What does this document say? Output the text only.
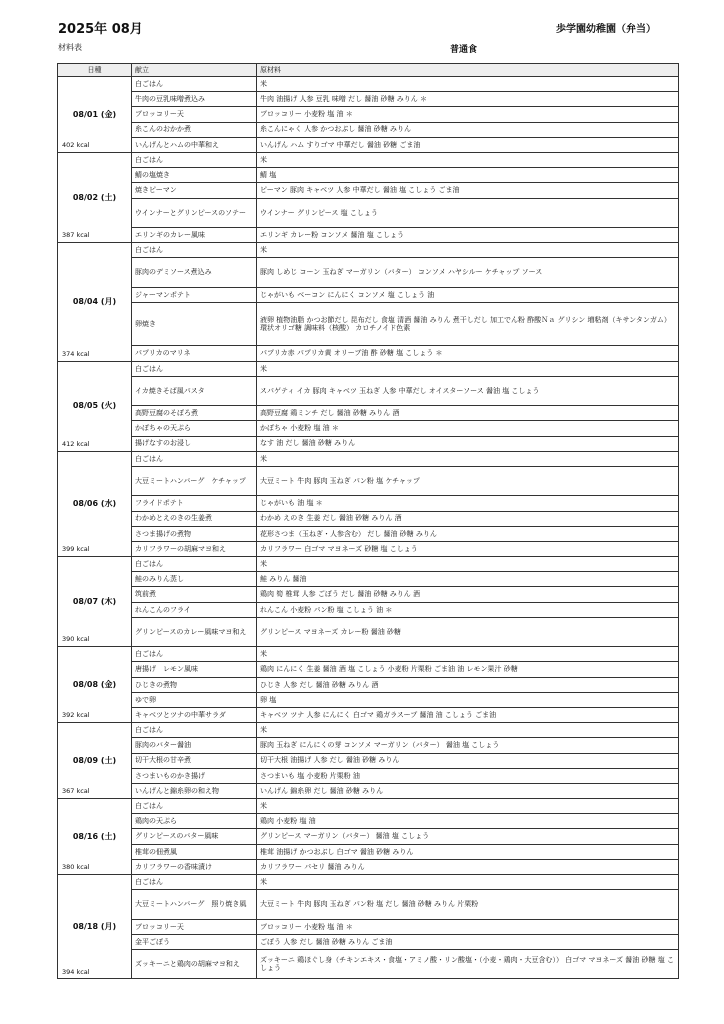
2025年 08月
材料表
歩学園幼稚園（弁当）
普通食
日種	献立	原材料

08/01 (金)
402 kcal	白ごはん	米
	牛肉の豆乳味噌煮込み	牛肉 油揚げ 人参 豆乳 味噌 だし 醤油 砂糖 みりん ＊
	ブロッコリー天	ブロッコリー 小麦粉 塩 油 ＊
	糸こんのおかか煮	糸こんにゃく 人参 かつおぶし 醤油 砂糖 みりん
	いんげんとハムの中華和え	いんげん ハム すりゴマ 中華だし 醤油 砂糖 ごま油

08/02 (土)
387 kcal	白ごはん	米
	鯖の塩焼き	鯖 塩
	焼きピーマン	ピーマン 豚肉 キャベツ 人参 中華だし 醤油 塩 こしょう ごま油
	ウインナーとグリンピースのソテー	ウインナー グリンピース 塩 こしょう
	エリンギのカレー風味	エリンギ カレー粉 コンソメ 醤油 塩 こしょう

08/04 (月)
374 kcal	白ごはん	米
	豚肉のデミソース煮込み	豚肉 しめじ コーン 玉ねぎ マーガリン（バター） コンソメ ハヤシルー ケチャップ ソース
	ジャーマンポテト	じゃがいも ベーコン にんにく コンソメ 塩 こしょう 油
	卵焼き	液卵 植物油脂 かつお節だし 昆布だし 食塩 清酒 醤油 みりん 煮干しだし 加工でん粉 酢酸Ｎａ グリシン 増粘剤（キサンタンガム） 環状オリゴ糖 調味料（核酸） カロチノイド色素
	パプリカのマリネ	パプリカ赤 パプリカ黄 オリーブ油 酢 砂糖 塩 こしょう ＊

08/05 (火)
412 kcal	白ごはん	米
	イカ焼きそば風パスタ	スパゲティ イカ 豚肉 キャベツ 玉ねぎ 人参 中華だし オイスターソース 醤油 塩 こしょう
	高野豆腐のそぼろ煮	高野豆腐 鶏ミンチ だし 醤油 砂糖 みりん 酒
	かぼちゃの天ぷら	かぼちゃ 小麦粉 塩 油 ＊
	揚げなすのお浸し	なす 油 だし 醤油 砂糖 みりん

08/06 (水)
399 kcal	白ごはん	米
	大豆ミートハンバーグ　ケチャップ	大豆ミート 牛肉 豚肉 玉ねぎ パン粉 塩 ケチャップ
	フライドポテト	じゃがいも 油 塩 ＊
	わかめとえのきの生姜煮	わかめ えのき 生姜 だし 醤油 砂糖 みりん 酒
	さつま揚げの煮物	花形さつま（玉ねぎ・人参含む） だし 醤油 砂糖 みりん
	カリフラワーの胡麻マヨ和え	カリフラワー 白ゴマ マヨネーズ 砂糖 塩 こしょう

08/07 (木)
390 kcal	白ごはん	米
	鮭のみりん蒸し	鮭 みりん 醤油
	筑前煮	鶏肉 筍 椎茸 人参 ごぼう だし 醤油 砂糖 みりん 酒
	れんこんのフライ	れんこん 小麦粉 パン粉 塩 こしょう 油 ＊
	グリンピースのカレー風味マヨ和え	グリンピース マヨネーズ カレー粉 醤油 砂糖

08/08 (金)
392 kcal	白ごはん	米
	唐揚げ　レモン風味	鶏肉 にんにく 生姜 醤油 酒 塩 こしょう 小麦粉 片栗粉 ごま油 油 レモン果汁 砂糖
	ひじきの煮物	ひじき 人参 だし 醤油 砂糖 みりん 酒
	ゆで卵	卵 塩
	キャベツとツナの中華サラダ	キャベツ ツナ 人参 にんにく 白ゴマ 鶏ガラスープ 醤油 油 こしょう ごま油

08/09 (土)
367 kcal	白ごはん	米
	豚肉のバター醤油	豚肉 玉ねぎ にんにくの芽 コンソメ マーガリン（バター） 醤油 塩 こしょう
	切干大根の甘辛煮	切干大根 油揚げ 人参 だし 醤油 砂糖 みりん
	さつまいものかき揚げ	さつまいも 塩 小麦粉 片栗粉 油
	いんげんと錦糸卵の和え物	いんげん 錦糸卵 だし 醤油 砂糖 みりん

08/16 (土)
380 kcal	白ごはん	米
	鶏肉の天ぷら	鶏肉 小麦粉 塩 油
	グリンピースのバター風味	グリンピース マーガリン（バター） 醤油 塩 こしょう
	椎茸の佃煮風	椎茸 油揚げ かつおぶし 白ゴマ 醤油 砂糖 みりん
	カリフラワーの香味漬け	カリフラワー パセリ 醤油 みりん

08/18 (月)
394 kcal	白ごはん	米
	大豆ミートハンバーグ　照り焼き風	大豆ミート 牛肉 豚肉 玉ねぎ パン粉 塩 だし 醤油 砂糖 みりん 片栗粉
	ブロッコリー天	ブロッコリー 小麦粉 塩 油 ＊
	金平ごぼう	ごぼう 人参 だし 醤油 砂糖 みりん ごま油
	ズッキーニと鶏肉の胡麻マヨ和え	ズッキーニ 鶏ほぐし身（チキンエキス・食塩・アミノ酸・リン酸塩・（小麦・鶏肉・大豆含む）） 白ゴマ マヨネーズ 醤油 砂糖 塩 こしょう
